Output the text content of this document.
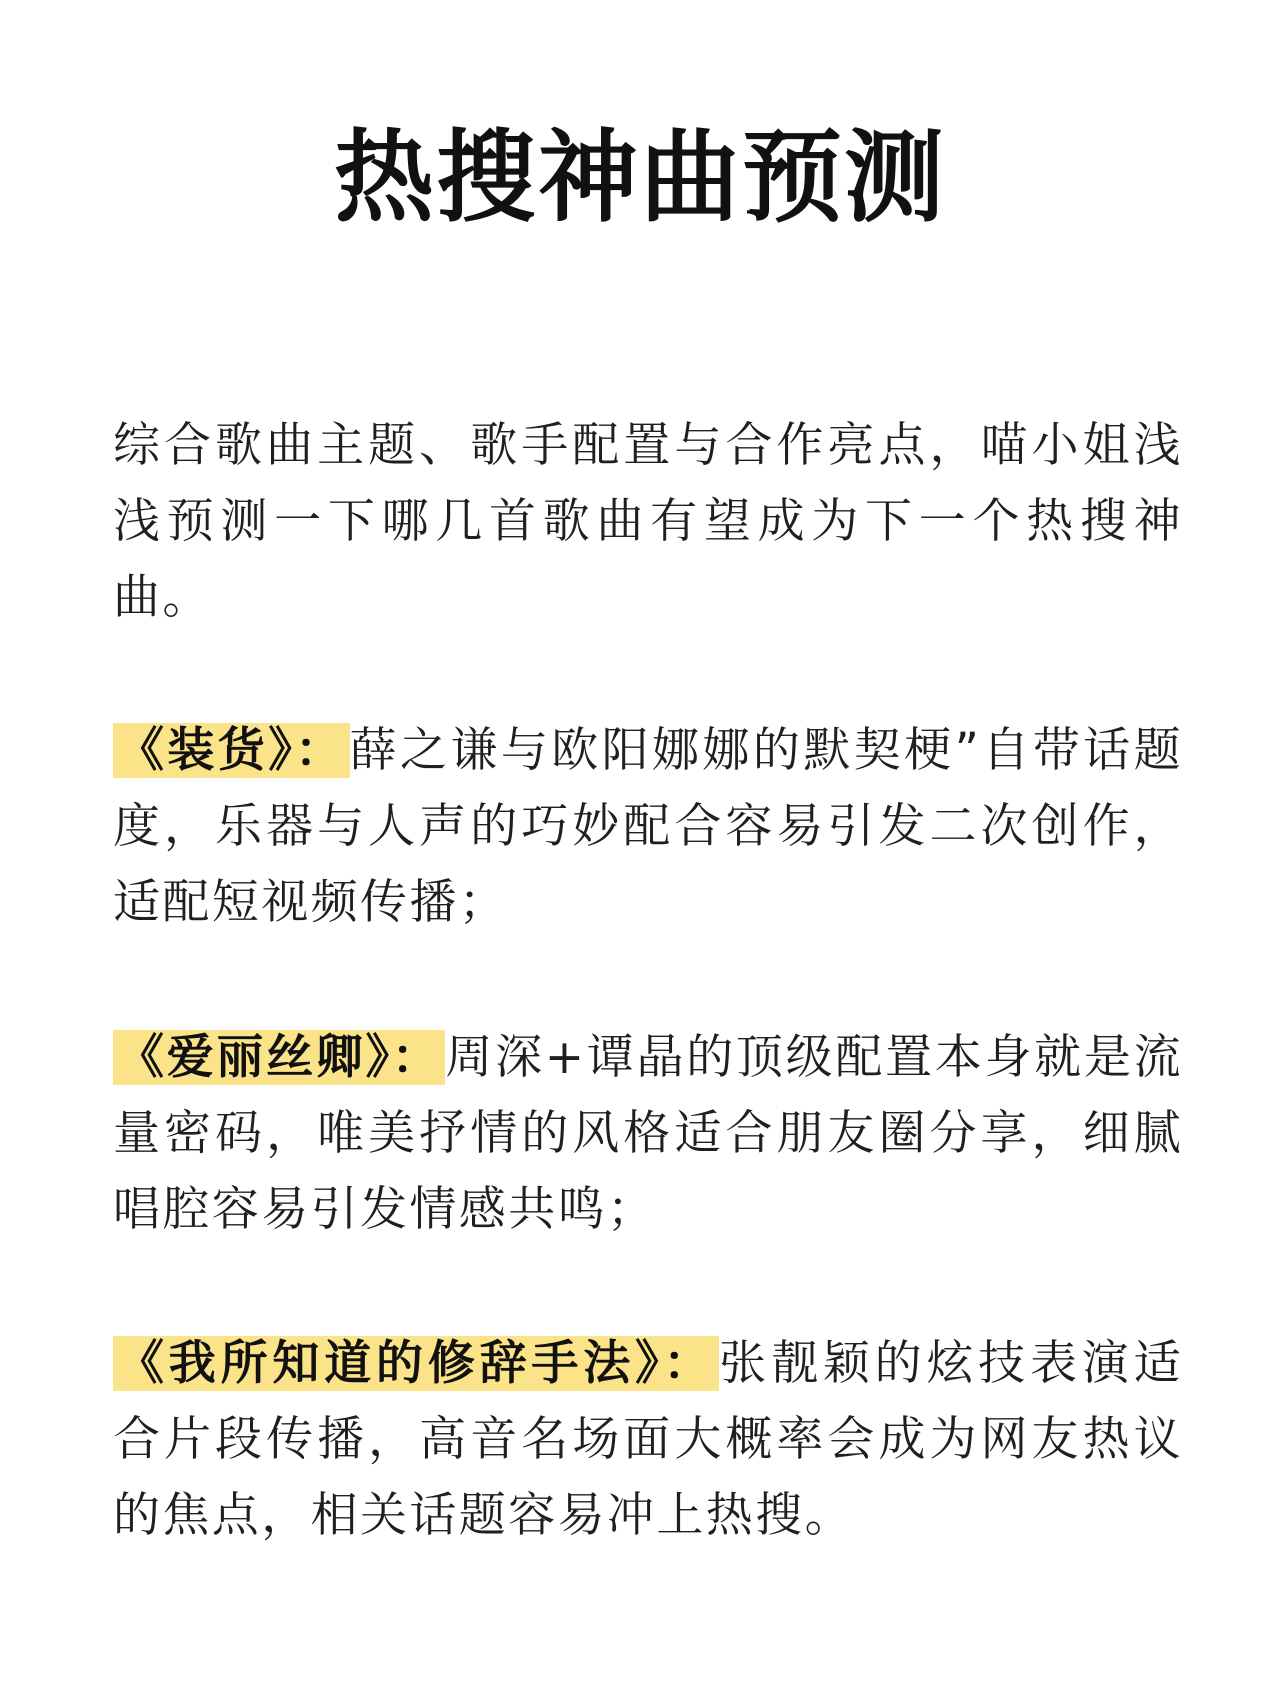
热搜神曲预测

综合歌曲主题、歌手配置与合作亮点，喵小姐浅浅预测一下哪几首歌曲有望成为下一个热搜神曲。

《装货》：薛之谦与欧阳娜娜的默契梗”自带话题度，乐器与人声的巧妙配合容易引发二次创作，适配短视频传播；

《爱丽丝卿》：周深+谭晶的顶级配置本身就是流量密码，唯美抒情的风格适合朋友圈分享，细腻唱腔容易引发情感共鸣；

《我所知道的修辞手法》：张靓颖的炫技表演适合片段传播，高音名场面大概率会成为网友热议的焦点，相关话题容易冲上热搜。
